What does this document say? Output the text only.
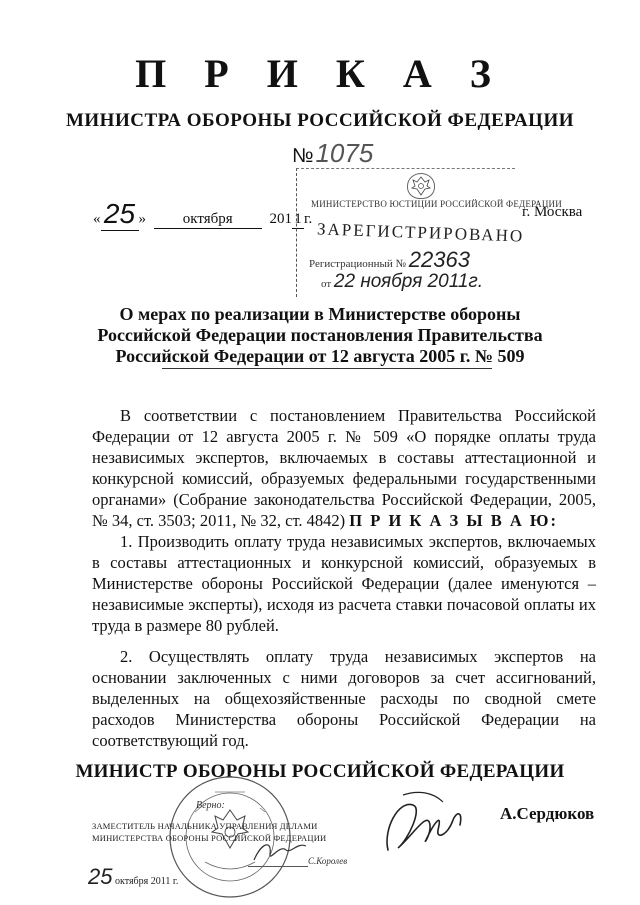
П Р И К А З
МИНИСТРА ОБОРОНЫ РОССИЙСКОЙ ФЕДЕРАЦИИ
№1075
« 25 » октября 201 1 г.	г. Москва
МИНИСТЕРСТВО ЮСТИЦИИ РОССИЙСКОЙ ФЕДЕРАЦИИ
ЗАРЕГИСТРИРОВАНО
Регистрационный № 22363
от 22 ноября 2011г.
О мерах по реализации в Министерстве обороны
Российской Федерации постановления Правительства
Российской Федерации от 12 августа 2005 г. № 509

В соответствии с постановлением Правительства Российской Федерации от 12 августа 2005 г. № 509 «О порядке оплаты труда независимых экспертов, включаемых в составы аттестационной и конкурсной комиссий, образуемых федеральными государственными органами» (Собрание законодательства Российской Федерации, 2005, № 34, ст. 3503; 2011, № 32, ст. 4842) П Р И К А З Ы В А Ю:

1. Производить оплату труда независимых экспертов, включаемых в составы аттестационных и конкурсной комиссий, образуемых в Министерстве обороны Российской Федерации (далее именуются – независимые эксперты), исходя из расчета ставки почасовой оплаты их труда в размере 80 рублей.

2. Осуществлять оплату труда независимых экспертов на основании заключенных с ними договоров за счет ассигнований, выделенных на общехозяйственные расходы по сводной смете расходов Министерства обороны Российской Федерации на соответствующий год.

МИНИСТР ОБОРОНЫ РОССИЙСКОЙ ФЕДЕРАЦИИ
А.Сердюков
Верно:
ЗАМЕСТИТЕЛЬ НАЧАЛЬНИКА УПРАВЛЕНИЯ ДЕЛАМИ
МИНИСТЕРСТВА ОБОРОНЫ РОССИЙСКОЙ ФЕДЕРАЦИИ
С.Королев
25 октября 2011 г.
